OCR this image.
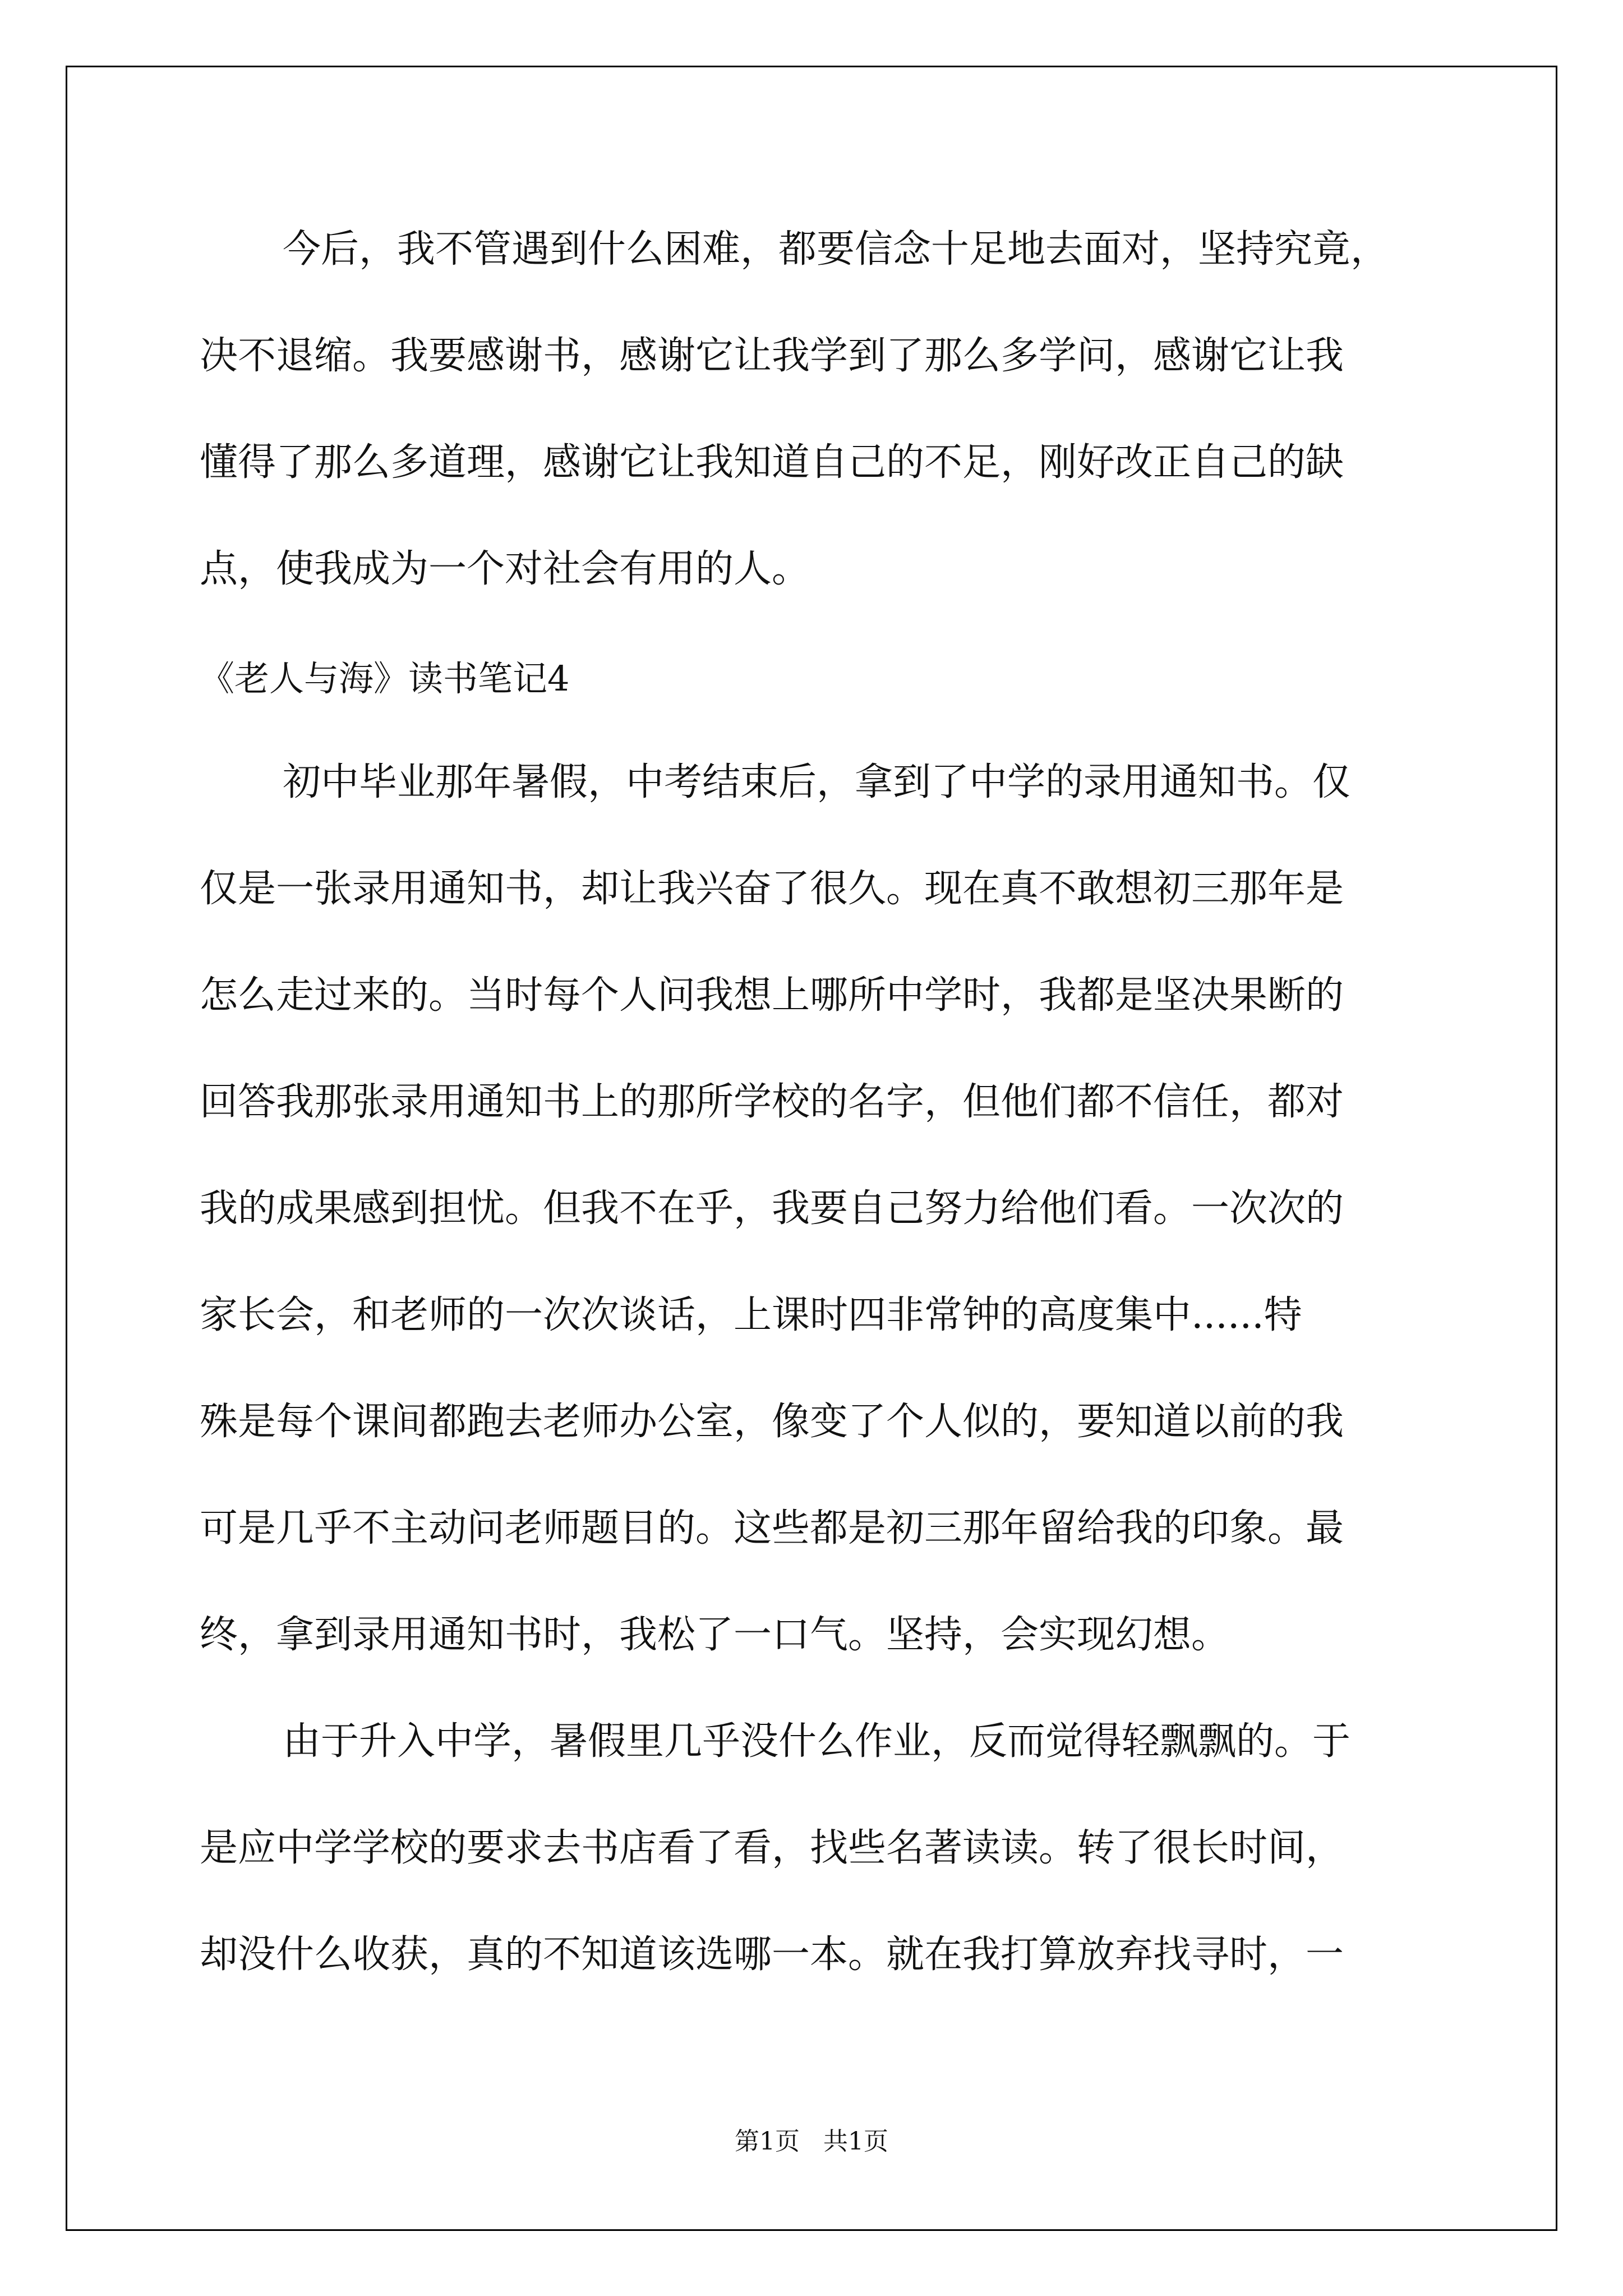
今后，我不管遇到什么困难，都要信念十足地去面对，坚持究竟，
决不退缩。我要感谢书，感谢它让我学到了那么多学问，感谢它让我
懂得了那么多道理，感谢它让我知道自己的不足，刚好改正自己的缺
点，使我成为一个对社会有用的人。
《老人与海》读书笔记4
初中毕业那年暑假，中考结束后，拿到了中学的录用通知书。仅
仅是一张录用通知书，却让我兴奋了很久。现在真不敢想初三那年是
怎么走过来的。当时每个人问我想上哪所中学时，我都是坚决果断的
回答我那张录用通知书上的那所学校的名字，但他们都不信任，都对
我的成果感到担忧。但我不在乎，我要自己努力给他们看。一次次的
家长会，和老师的一次次谈话，上课时四非常钟的高度集中......特
殊是每个课间都跑去老师办公室，像变了个人似的，要知道以前的我
可是几乎不主动问老师题目的。这些都是初三那年留给我的印象。最
终，拿到录用通知书时，我松了一口气。坚持，会实现幻想。
由于升入中学，暑假里几乎没什么作业，反而觉得轻飘飘的。于
是应中学学校的要求去书店看了看，找些名著读读。转了很长时间，
却没什么收获，真的不知道该选哪一本。就在我打算放弃找寻时，一
第1页   共1页
